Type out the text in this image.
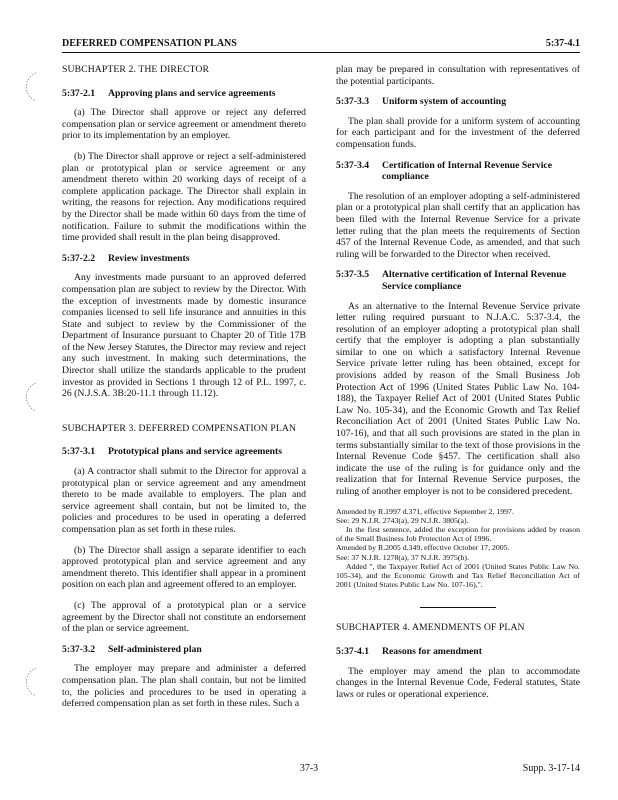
DEFERRED COMPENSATION PLANS	5:37-4.1
SUBCHAPTER 2. THE DIRECTOR
5:37-2.1	Approving plans and service agreements

(a) The Director shall approve or reject any deferred compensation plan or service agreement or amendment thereto prior to its implementation by an employer.

(b) The Director shall approve or reject a self-administered plan or prototypical plan or service agreement or any amendment thereto within 20 working days of receipt of a complete application package. The Director shall explain in writing, the reasons for rejection. Any modifications required by the Director shall be made within 60 days from the time of notification. Failure to submit the modifications within the time provided shall result in the plan being disapproved.

5:37-2.2	Review investments

Any investments made pursuant to an approved deferred compensation plan are subject to review by the Director. With the exception of investments made by domestic insurance companies licensed to sell life insurance and annuities in this State and subject to review by the Commissioner of the Department of Insurance pursuant to Chapter 20 of Title 17B of the New Jersey Statutes, the Director may review and reject any such investment. In making such determinations, the Director shall utilize the standards applicable to the prudent investor as provided in Sections 1 through 12 of P.L. 1997, c. 26 (N.J.S.A. 3B:20-11.1 through 11.12).

SUBCHAPTER 3. DEFERRED COMPENSATION PLAN
5:37-3.1	Prototypical plans and service agreements

(a) A contractor shall submit to the Director for approval a prototypical plan or service agreement and any amendment thereto to be made available to employers. The plan and service agreement shall contain, but not be limited to, the policies and procedures to be used in operating a deferred compensation plan as set forth in these rules.

(b) The Director shall assign a separate identifier to each approved prototypical plan and service agreement and any amendment thereto. This identifier shall appear in a prominent position on each plan and agreement offered to an employer.

(c) The approval of a prototypical plan or a service agreement by the Director shall not constitute an endorsement of the plan or service agreement.

5:37-3.2	Self-administered plan

The employer may prepare and administer a deferred compensation plan. The plan shall contain, but not be limited to, the policies and procedures to be used in operating a deferred compensation plan as set forth in these rules. Such a

plan may be prepared in consultation with representatives of the potential participants.

5:37-3.3	Uniform system of accounting

The plan shall provide for a uniform system of accounting for each participant and for the investment of the deferred compensation funds.

5:37-3.4	Certification of Internal Revenue Service compliance

The resolution of an employer adopting a self-administered plan or a prototypical plan shall certify that an application has been filed with the Internal Revenue Service for a private letter ruling that the plan meets the requirements of Section 457 of the Internal Revenue Code, as amended, and that such ruling will be forwarded to the Director when received.

5:37-3.5	Alternative certification of Internal Revenue Service compliance

As an alternative to the Internal Revenue Service private letter ruling required pursuant to N.J.A.C. 5:37-3.4, the resolution of an employer adopting a prototypical plan shall certify that the employer is adopting a plan substantially similar to one on which a satisfactory Internal Revenue Service private letter ruling has been obtained, except for provisions added by reason of the Small Business Job Protection Act of 1996 (United States Public Law No. 104-188), the Taxpayer Relief Act of 2001 (United States Public Law No. 105-34), and the Economic Growth and Tax Relief Reconciliation Act of 2001 (United States Public Law No. 107-16), and that all such provisions are stated in the plan in terms substantially similar to the text of those provisions in the Internal Revenue Code §457. The certification shall also indicate the use of the ruling is for guidance only and the realization that for Internal Revenue Service purposes, the ruling of another employer is not to be considered precedent.

Amended by R.1997 d.371, effective September 2, 1997.
See: 29 N.J.R. 2743(a), 29 N.J.R. 3805(a).
In the first sentence, added the exception for provisions added by reason of the Small Business Job Protection Act of 1996.
Amended by R.2005 d.349, effective October 17, 2005.
See: 37 N.J.R. 1278(a), 37 N.J.R. 3975(b).
Added ", the Taxpayer Relief Act of 2001 (United States Public Law No. 105-34), and the Economic Growth and Tax Relief Reconciliation Act of 2001 (United States Public Law No. 107-16),".
SUBCHAPTER 4. AMENDMENTS OF PLAN
5:37-4.1	Reasons for amendment

The employer may amend the plan to accommodate changes in the Internal Revenue Code, Federal statutes, State laws or rules or operational experience.

37-3	Supp. 3-17-14
